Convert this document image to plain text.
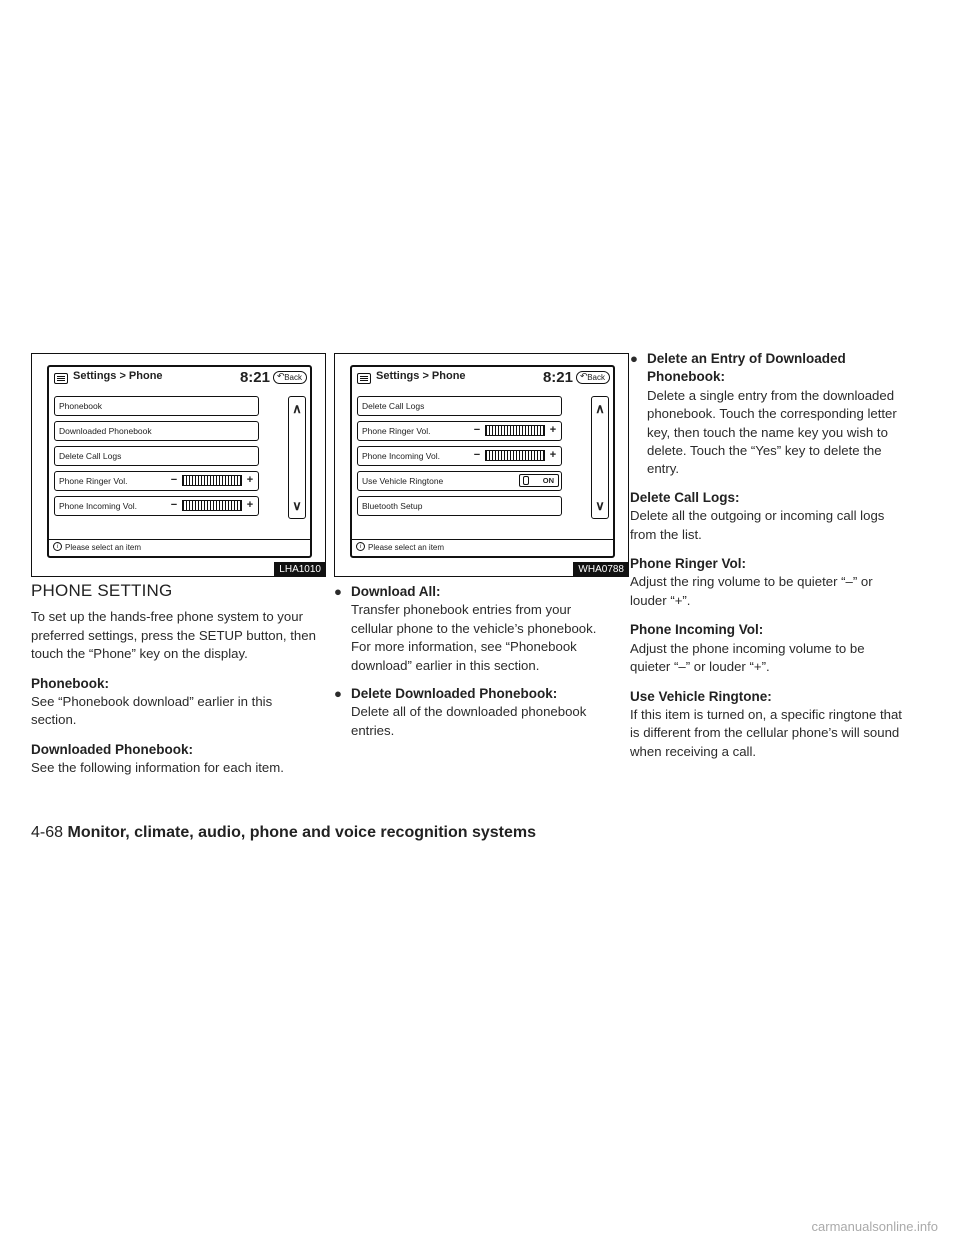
Settings > Phone	8:21 ↶ Back
Phonebook
Downloaded Phonebook
Delete Call Logs
Phone Ringer Vol.	−	+
Phone Incoming Vol.	−	+
∧
∨
i Please select an item
LHA1010
Settings > Phone	8:21 ↶ Back
Delete Call Logs
Phone Ringer Vol.	−	+
Phone Incoming Vol.	−	+
Use Vehicle Ringtone	ON
Bluetooth Setup
∧
∨
i Please select an item
WHA0788
PHONE SETTING

To set up the hands-free phone system to your preferred settings, press the SETUP button, then touch the “Phone” key on the display.

Phonebook:

See “Phonebook download” earlier in this section.

Downloaded Phonebook:

See the following information for each item.

● Download All:
Transfer phonebook entries from your cellular phone to the vehicle’s phonebook. For more information, see “Phonebook download” earlier in this section.
● Delete Downloaded Phonebook:
Delete all of the downloaded phonebook entries.
● Delete an Entry of Downloaded Phonebook:
Delete a single entry from the downloaded phonebook. Touch the corresponding letter key, then touch the name key you wish to delete. Touch the “Yes” key to delete the entry.
Delete Call Logs:

Delete all the outgoing or incoming call logs from the list.

Phone Ringer Vol:

Adjust the ring volume to be quieter “–” or louder “+”.

Phone Incoming Vol:

Adjust the phone incoming volume to be quieter “–” or louder “+”.

Use Vehicle Ringtone:

If this item is turned on, a specific ringtone that is different from the cellular phone’s will sound when receiving a call.

4-68 Monitor, climate, audio, phone and voice recognition systems
carmanualsonline.info
